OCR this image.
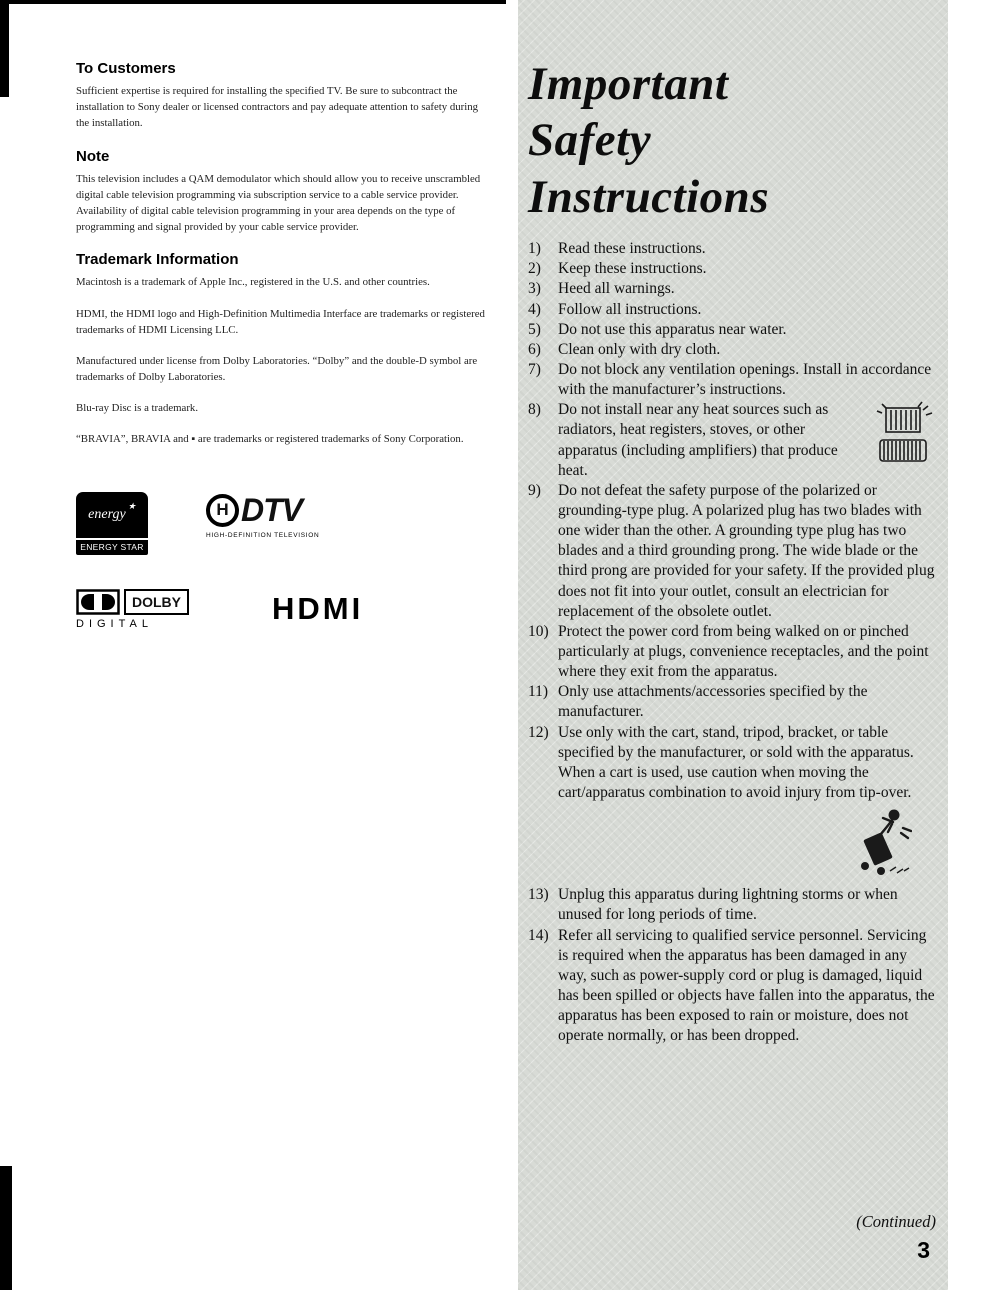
To Customers

Sufficient expertise is required for installing the specified TV. Be sure to subcontract the installation to Sony dealer or licensed contractors and pay adequate attention to safety during the installation.

Note

This television includes a QAM demodulator which should allow you to receive unscrambled digital cable television programming via subscription service to a cable service provider. Availability of digital cable television programming in your area depends on the type of programming and signal provided by your cable service provider.

Trademark Information

Macintosh is a trademark of Apple Inc., registered in the U.S. and other countries.

HDMI, the HDMI logo and High-Definition Multimedia Interface are trademarks or registered trademarks of HDMI Licensing LLC.

Manufactured under license from Dolby Laboratories. “Dolby” and the double-D symbol are trademarks of Dolby Laboratories.

Blu-ray Disc is a trademark.

“BRAVIA”, BRAVIA and ▪ are trademarks or registered trademarks of Sony Corporation.

energy
★
ENERGY STAR
H DTV
HIGH-DEFINITION TELEVISION
DOLBY
DIGITAL	HDMI
Important
Safety
Instructions
1)	Read these instructions.
2)	Keep these instructions.
3)	Heed all warnings.
4)	Follow all instructions.
5)	Do not use this apparatus near water.
6)	Clean only with dry cloth.
7)	Do not block any ventilation openings. Install in accordance with the manufacturer’s instructions.
8)	Do not install near any heat sources such as radiators, heat registers, stoves, or other apparatus (including amplifiers) that produce heat.
9)	Do not defeat the safety purpose of the polarized or grounding-type plug. A polarized plug has two blades with one wider than the other. A grounding type plug has two blades and a third grounding prong. The wide blade or the third prong are provided for your safety. If the provided plug does not fit into your outlet, consult an electrician for replacement of the obsolete outlet.
10) Protect the power cord from being walked on or pinched particularly at plugs, convenience receptacles, and the point where they exit from the apparatus.
11) Only use attachments/accessories specified by the manufacturer.
12) Use only with the cart, stand, tripod, bracket, or table specified by the manufacturer, or sold with the apparatus. When a cart is used, use caution when moving the cart/apparatus combination to avoid injury from tip-over.
13) Unplug this apparatus during lightning storms or when unused for long periods of time.
14) Refer all servicing to qualified service personnel. Servicing is required when the apparatus has been damaged in any way, such as power-supply cord or plug is damaged, liquid has been spilled or objects have fallen into the apparatus, the apparatus has been exposed to rain or moisture, does not operate normally, or has been dropped.
(Continued)
3
